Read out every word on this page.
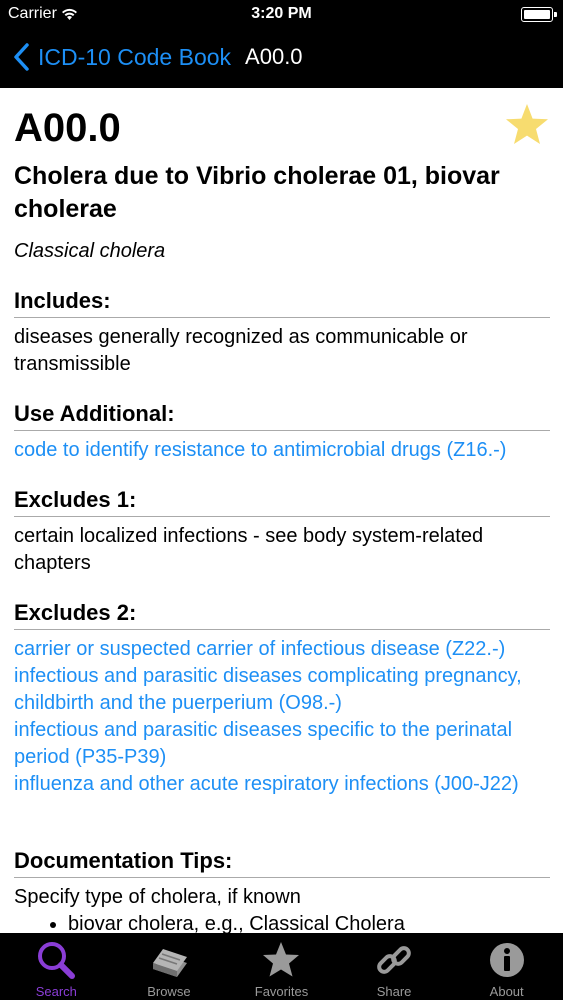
Carrier	3:20 PM
ICD-10 Code Book A00.0
A00.0
Cholera due to Vibrio cholerae 01, biovar cholerae
Classical cholera
Includes:

diseases generally recognized as communicable or transmissible

Use Additional:
code to identify resistance to antimicrobial drugs (Z16.-)
Excludes 1:

certain localized infections - see body system-related chapters

Excludes 2:
carrier or suspected carrier of infectious disease (Z22.-)
infectious and parasitic diseases complicating pregnancy, childbirth and the puerperium (O98.-)
infectious and parasitic diseases specific to the perinatal period (P35-P39)
influenza and other acute respiratory infections (J00-J22)
Documentation Tips:

Specify type of cholera, if known

• biovar cholera, e.g., Classical Cholera
Search	Browse	Favorites	Share	About
